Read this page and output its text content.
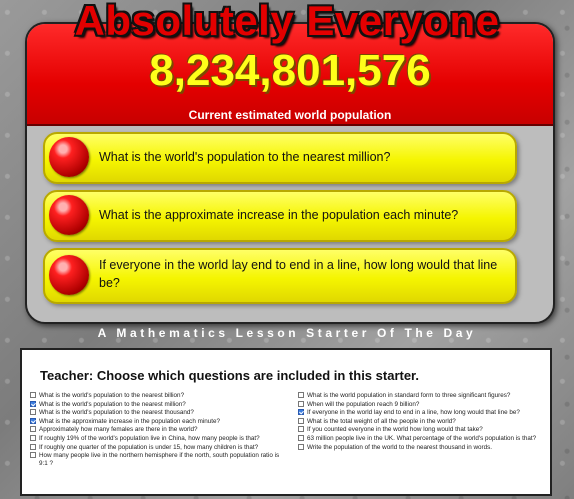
Absolutely Everyone
8,234,801,576
Current estimated world population
What is the world's population to the nearest million?
What is the approximate increase in the population each minute?
If everyone in the world lay end to end in a line, how long would that line be?
A Mathematics Lesson Starter Of The Day
Teacher: Choose which questions are included in this starter.
What is the world's population to the nearest billion?
What is the world's population to the nearest million?
What is the world's population to the nearest thousand?
What is the approximate increase in the population each minute?
Approximately how many females are there in the world?
If roughly 19% of the world's population live in China, how many people is that?
If roughly one quarter of the population is under 15, how many children is that?
How many people live in the northern hemisphere if the north, south population ratio is 9:1 ?
What is the world population in standard form to three significant figures?
When will the population reach 9 billion?
If everyone in the world lay end to end in a line, how long would that line be?
What is the total weight of all the people in the world?
If you counted everyone in the world how long would that take?
63 million people live in the UK. What percentage of the world's population is that?
Write the population of the world to the nearest thousand in words.
